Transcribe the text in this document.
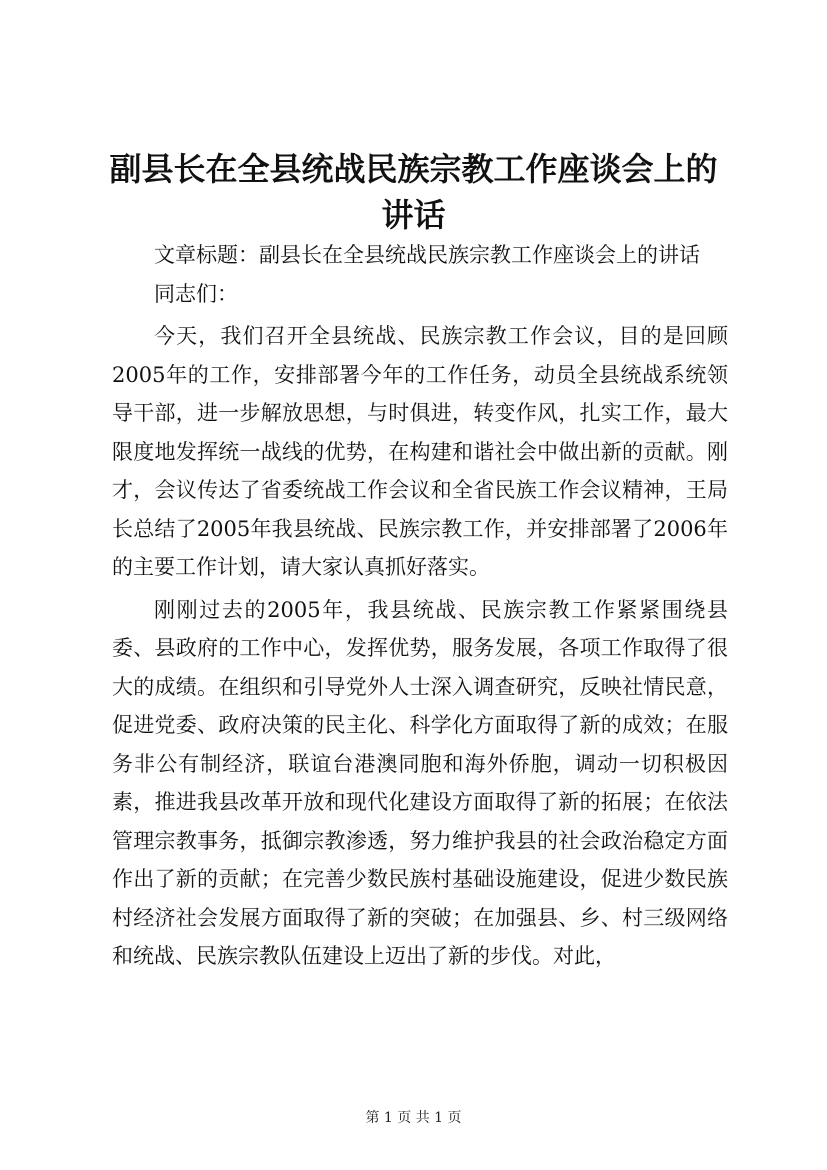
副县长在全县统战民族宗教工作座谈会上的讲话

文章标题：副县长在全县统战民族宗教工作座谈会上的讲话

同志们：

今天，我们召开全县统战、民族宗教工作会议，目的是回顾2005年的工作，安排部署今年的工作任务，动员全县统战系统领导干部，进一步解放思想，与时俱进，转变作风，扎实工作，最大限度地发挥统一战线的优势，在构建和谐社会中做出新的贡献。刚才，会议传达了省委统战工作会议和全省民族工作会议精神，王局长总结了2005年我县统战、民族宗教工作，并安排部署了2006年的主要工作计划，请大家认真抓好落实。

刚刚过去的2005年，我县统战、民族宗教工作紧紧围绕县委、县政府的工作中心，发挥优势，服务发展，各项工作取得了很大的成绩。在组织和引导党外人士深入调查研究，反映社情民意，促进党委、政府决策的民主化、科学化方面取得了新的成效；在服务非公有制经济，联谊台港澳同胞和海外侨胞，调动一切积极因素，推进我县改革开放和现代化建设方面取得了新的拓展；在依法管理宗教事务，抵御宗教渗透，努力维护我县的社会政治稳定方面作出了新的贡献；在完善少数民族村基础设施建设，促进少数民族村经济社会发展方面取得了新的突破；在加强县、乡、村三级网络和统战、民族宗教队伍建设上迈出了新的步伐。对此，

第 1 页 共 1 页
